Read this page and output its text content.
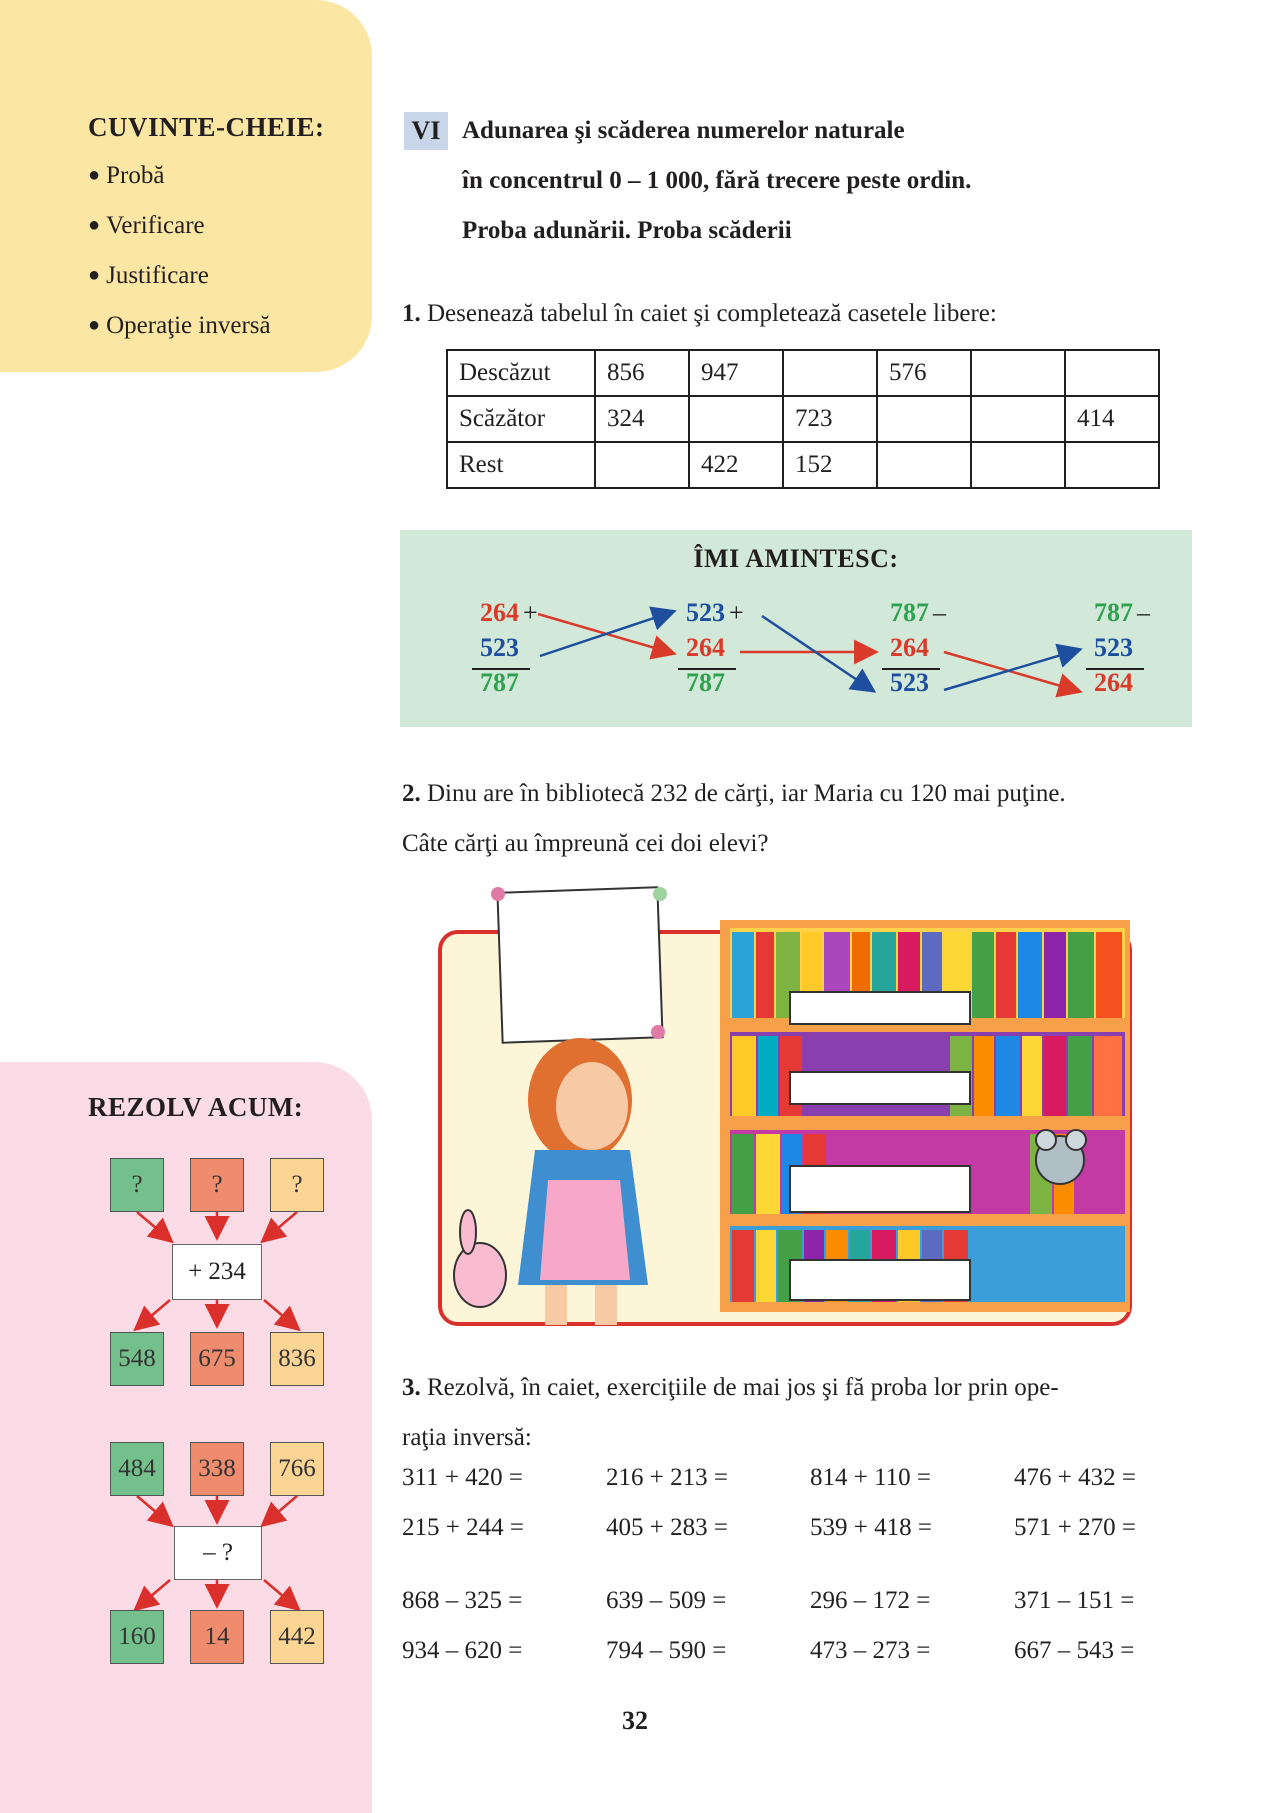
CUVINTE-CHEIE:
● Probă
● Verificare
● Justificare
● Operaţie inversă
VI Adunarea şi scăderea numerelor naturale
în concentrul 0 – 1 000, fără trecere peste ordin.
Proba adunării. Proba scăderii
1. Desenează tabelul în caiet şi completează casetele libere:
Descăzut	856	947		576		
Scăzător	324		723			414
Rest		422	152			
ÎMI AMINTESC:
264 +
523
787
523 +
264
787
787 –
264
523
787 –
523
264
2. Dinu are în bibliotecă 232 de cărţi, iar Maria cu 120 mai puţine.
Câte cărţi au împreună cei doi elevi?
3. Rezolvă, în caiet, exerciţiile de mai jos şi fă proba lor prin ope-
raţia inversă:
311 + 420 =	216 + 213 =	814 + 110 =	476 + 432 =
215 + 244 =	405 + 283 =	539 + 418 =	571 + 270 =
868 – 325 =	639 – 509 =	296 – 172 =	371 – 151 =
934 – 620 =	794 – 590 =	473 – 273 =	667 – 543 =
REZOLV ACUM:
?	?	?
+ 234
548	675	836
484	338	766
– ?
160	14	442
32
